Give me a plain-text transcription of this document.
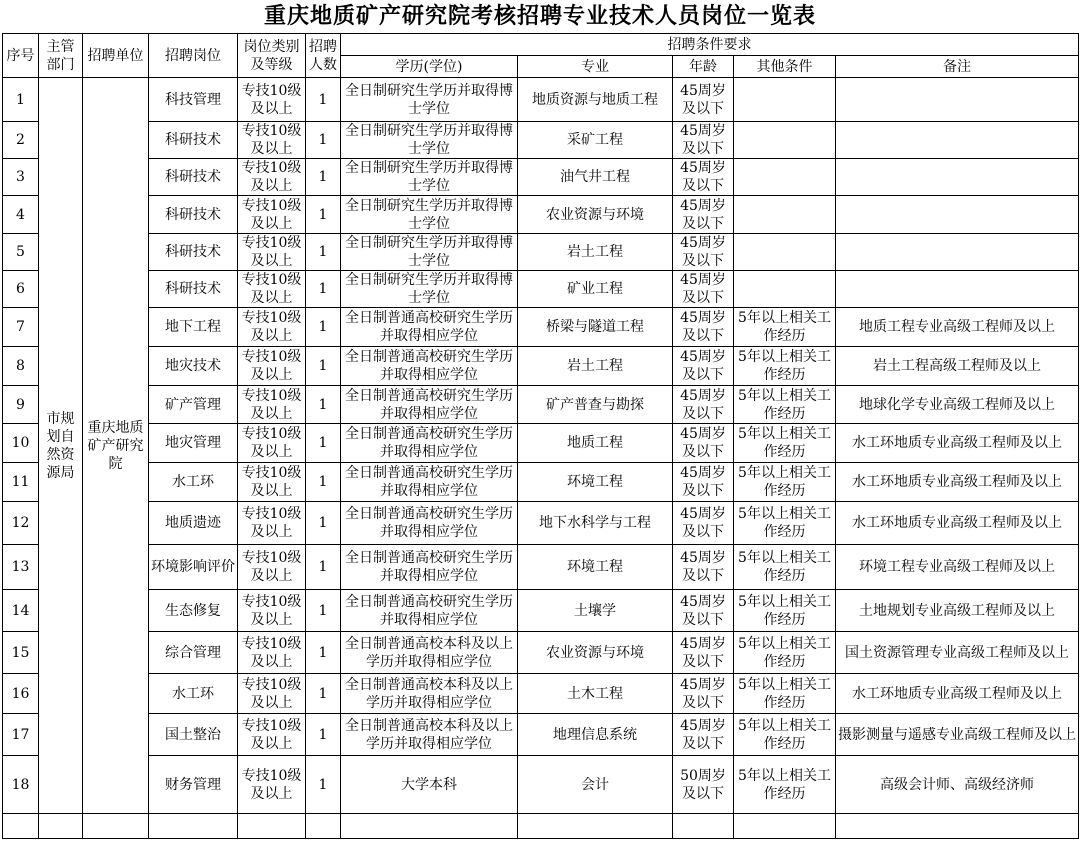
重庆地质矿产研究院考核招聘专业技术人员岗位一览表
序号	主管部门	招聘单位	招聘岗位	岗位类别及等级	招聘人数	招聘条件要求				
						学历(学位)	专业	年龄	其他条件	备注
1	市规划自然资源局	重庆地质矿产研究院	科技管理	专技10级及以上	1	全日制研究生学历并取得博士学位	地质资源与地质工程	45周岁及以下		
2			科研技术	专技10级及以上	1	全日制研究生学历并取得博士学位	采矿工程	45周岁及以下		
3			科研技术	专技10级及以上	1	全日制研究生学历并取得博士学位	油气井工程	45周岁及以下		
4			科研技术	专技10级及以上	1	全日制研究生学历并取得博士学位	农业资源与环境	45周岁及以下		
5			科研技术	专技10级及以上	1	全日制研究生学历并取得博士学位	岩土工程	45周岁及以下		
6			科研技术	专技10级及以上	1	全日制研究生学历并取得博士学位	矿业工程	45周岁及以下		
7			地下工程	专技10级及以上	1	全日制普通高校研究生学历并取得相应学位	桥梁与隧道工程	45周岁及以下	5年以上相关工作经历	地质工程专业高级工程师及以上
8			地灾技术	专技10级及以上	1	全日制普通高校研究生学历并取得相应学位	岩土工程	45周岁及以下	5年以上相关工作经历	岩土工程高级工程师及以上
9			矿产管理	专技10级及以上	1	全日制普通高校研究生学历并取得相应学位	矿产普查与勘探	45周岁及以下	5年以上相关工作经历	地球化学专业高级工程师及以上
10			地灾管理	专技10级及以上	1	全日制普通高校研究生学历并取得相应学位	地质工程	45周岁及以下	5年以上相关工作经历	水工环地质专业高级工程师及以上
11			水工环	专技10级及以上	1	全日制普通高校研究生学历并取得相应学位	环境工程	45周岁及以下	5年以上相关工作经历	水工环地质专业高级工程师及以上
12			地质遗迹	专技10级及以上	1	全日制普通高校研究生学历并取得相应学位	地下水科学与工程	45周岁及以下	5年以上相关工作经历	水工环地质专业高级工程师及以上
13			环境影响评价	专技10级及以上	1	全日制普通高校研究生学历并取得相应学位	环境工程	45周岁及以下	5年以上相关工作经历	环境工程专业高级工程师及以上
14			生态修复	专技10级及以上	1	全日制普通高校研究生学历并取得相应学位	土壤学	45周岁及以下	5年以上相关工作经历	土地规划专业高级工程师及以上
15			综合管理	专技10级及以上	1	全日制普通高校本科及以上学历并取得相应学位	农业资源与环境	45周岁及以下	5年以上相关工作经历	国土资源管理专业高级工程师及以上
16			水工环	专技10级及以上	1	全日制普通高校本科及以上学历并取得相应学位	土木工程	45周岁及以下	5年以上相关工作经历	水工环地质专业高级工程师及以上
17			国土整治	专技10级及以上	1	全日制普通高校本科及以上学历并取得相应学位	地理信息系统	45周岁及以下	5年以上相关工作经历	摄影测量与遥感专业高级工程师及以上
18			财务管理	专技10级及以上	1	大学本科	会计	50周岁及以下	5年以上相关工作经历	高级会计师、高级经济师
